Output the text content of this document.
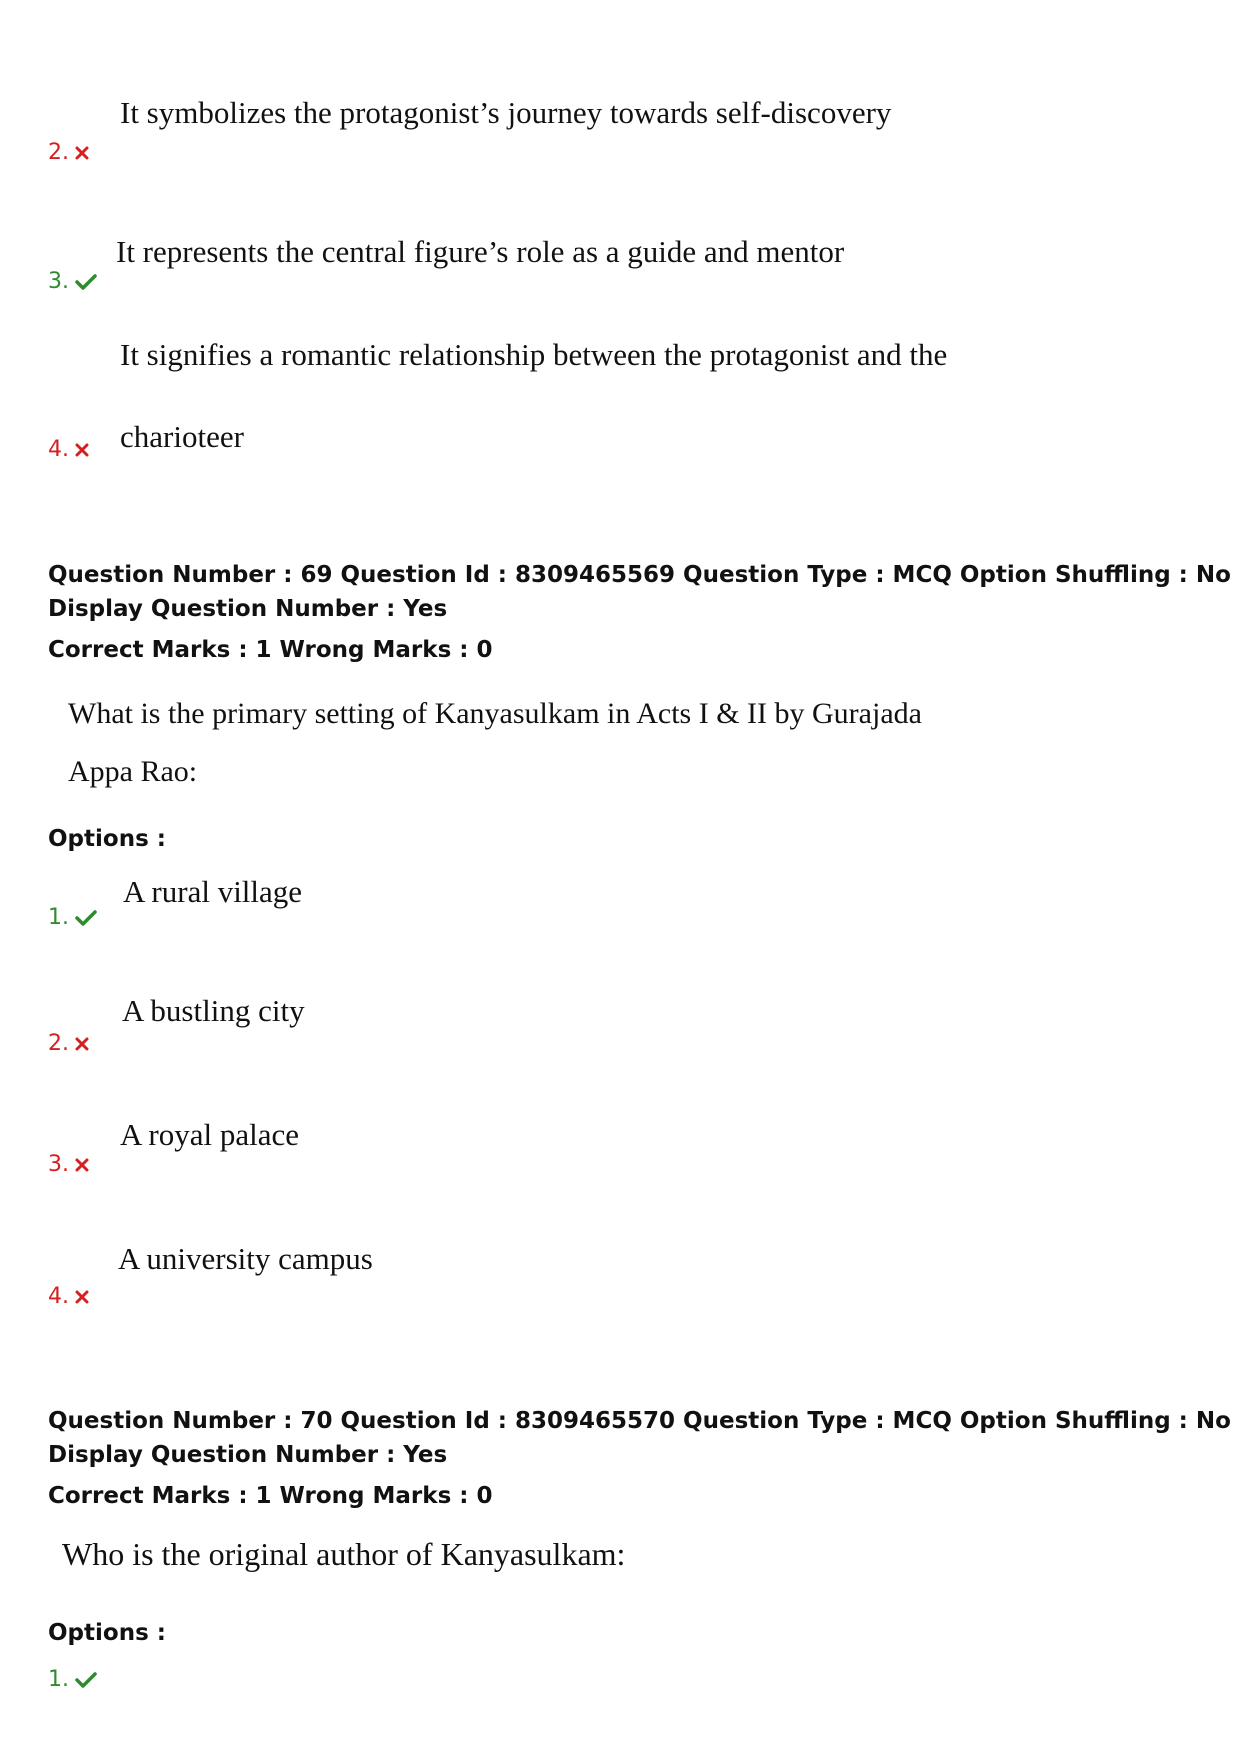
2.
It symbolizes the protagonist’s journey towards self-discovery
3.
It represents the central figure’s role as a guide and mentor
It signifies a romantic relationship between the protagonist and the
4.	charioteer
Question Number : 69 Question Id : 8309465569 Question Type : MCQ Option Shuffling : No
Display Question Number : Yes
Correct Marks : 1 Wrong Marks : 0
What is the primary setting of Kanyasulkam in Acts I & II by Gurajada
Appa Rao:
Options :
1.
A rural village
2.
A bustling city
3.
A royal palace
4.
A university campus
Question Number : 70 Question Id : 8309465570 Question Type : MCQ Option Shuffling : No
Display Question Number : Yes
Correct Marks : 1 Wrong Marks : 0
Who is the original author of Kanyasulkam:
Options :
1.
